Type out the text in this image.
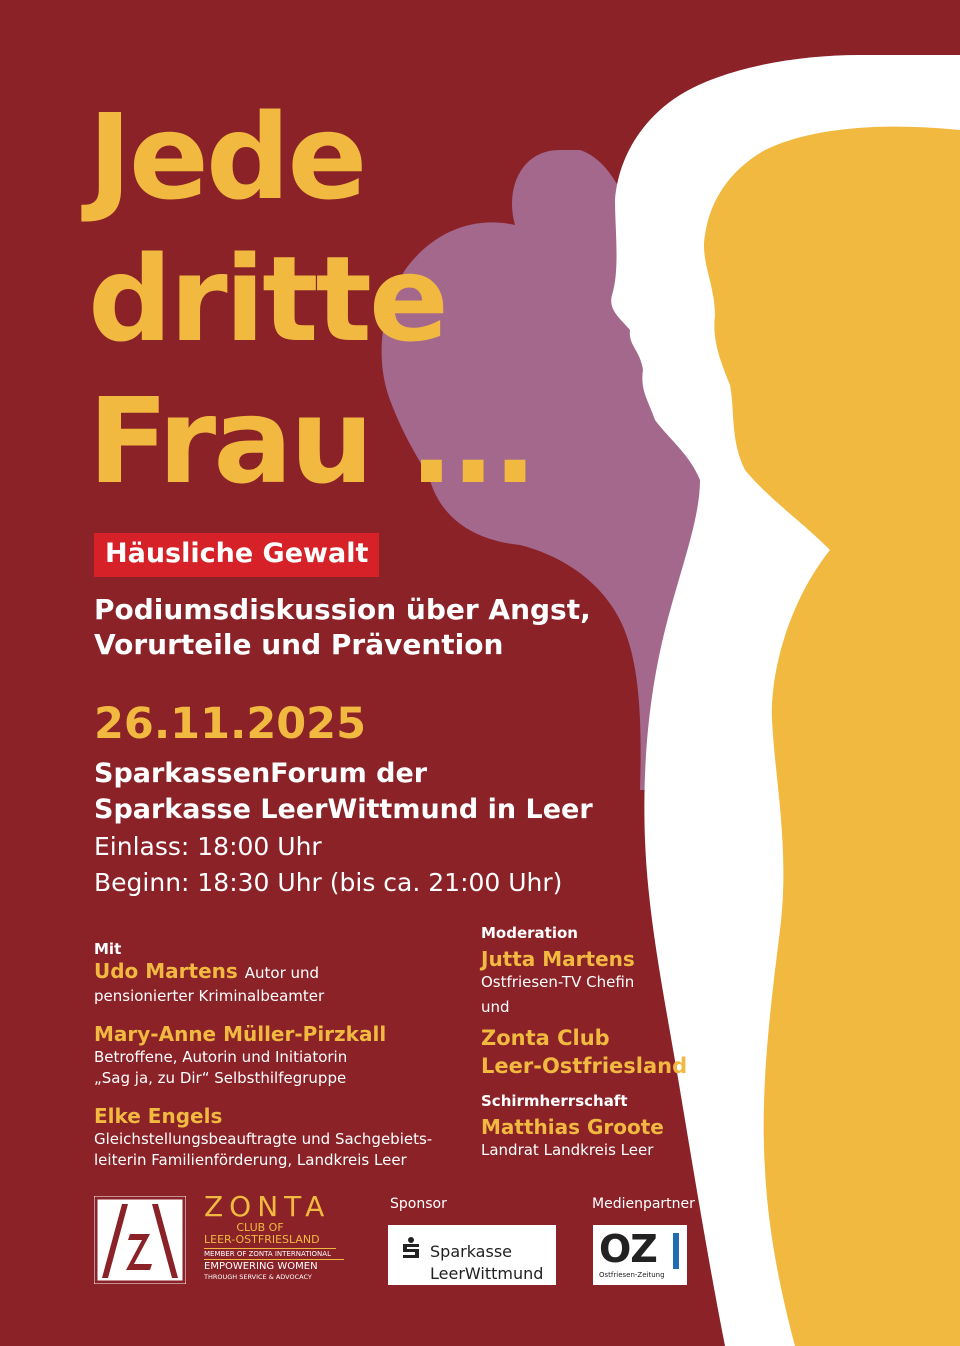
Jede
dritte
Frau ...
Häusliche Gewalt
Podiumsdiskussion über Angst,
Vorurteile und Prävention
26.11.2025
SparkassenForum der
Sparkasse LeerWittmund in Leer
Einlass: 18:00 Uhr
Beginn: 18:30 Uhr (bis ca. 21:00 Uhr)
Mit
Udo Martens Autor und
pensionierter Kriminalbeamter
Mary-Anne Müller-Pirzkall
Betroffene, Autorin und Initiatorin
„Sag ja, zu Dir“ Selbsthilfegruppe
Elke Engels
Gleichstellungsbeauftragte und Sachgebiets-
leiterin Familienförderung, Landkreis Leer
Moderation
Jutta Martens
Ostfriesen-TV Chefin
und
Zonta Club
Leer-Ostfriesland
Schirmherrschaft
Matthias Groote
Landrat Landkreis Leer
ZONTA
CLUB OF
LEER-OSTFRIESLAND
MEMBER OF ZONTA INTERNATIONAL
EMPOWERING WOMEN
THROUGH SERVICE & ADVOCACY
Sponsor
Sparkasse
LeerWittmund
Medienpartner
OZ
Ostfriesen-Zeitung
